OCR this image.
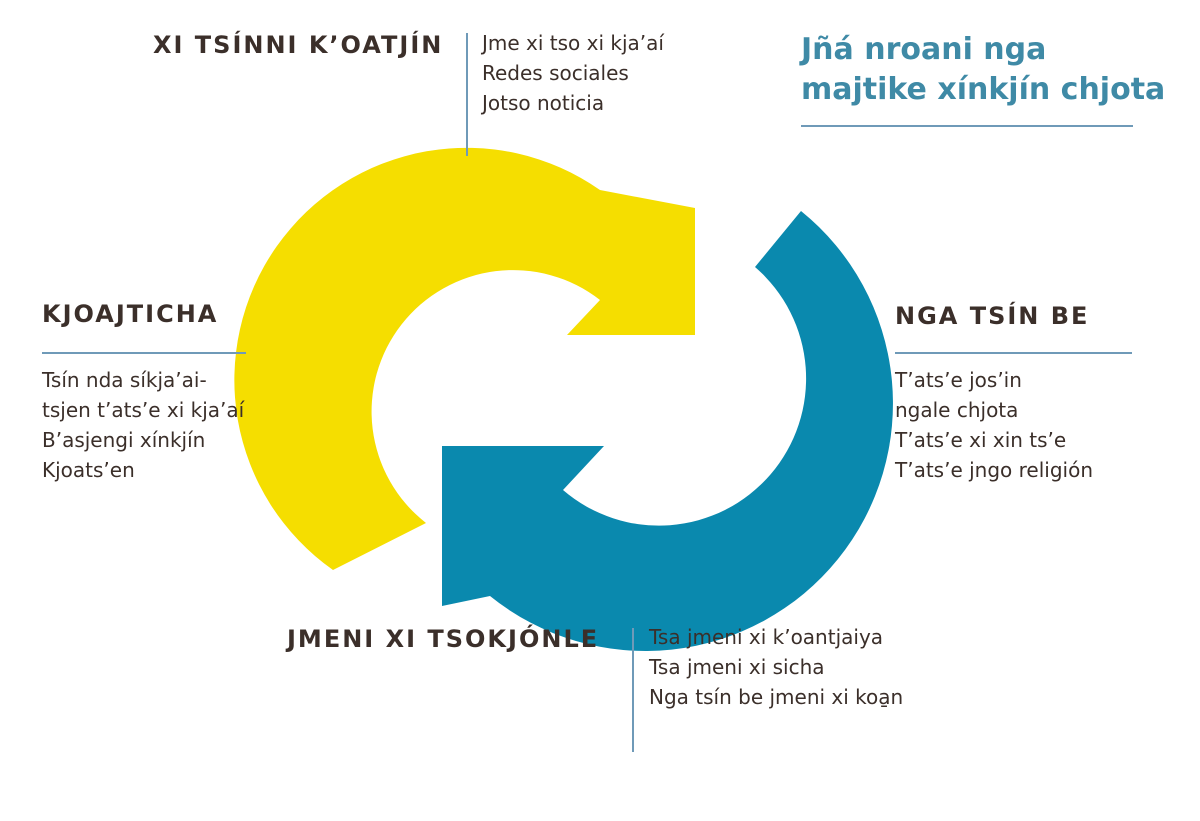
Jñá nroani nga
majtike xínkjín chjota
XI TSÍNNI K’OATJÍN Jme xi tso xi kja’aí
Redes sociales
Jotso noticia
KJOAJTICHA
Tsín nda síkja’ai-
tsjen t’ats’e xi kja’aí
B’asjengi xínkjín
Kjoats’en
NGA TSÍN BE
T’ats’e jos’in
ngale chjota
T’ats’e xi xin ts’e
T’ats’e jngo religión
JMENI XI TSOKJÓNLE Tsa jmeni xi k’oantjaiya
Tsa jmeni xi sicha
Nga tsín be jmeni xi koa̱n
